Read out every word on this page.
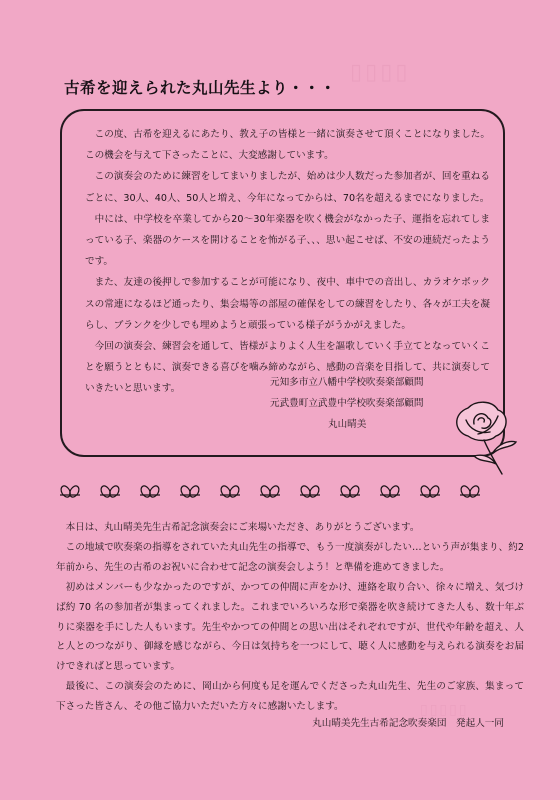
▯▯▯▯
▯▯▯▯▯
古希を迎えられた丸山先生より・・・

この度、古希を迎えるにあたり、教え子の皆様と一緒に演奏させて頂くことになりました。この機会を与えて下さったことに、大変感謝しています。

この演奏会のために練習をしてまいりましたが、始めは少人数だった参加者が、回を重ねるごとに、30人、40人、50人と増え、今年になってからは、70名を超えるまでになりました。

中には、中学校を卒業してから20～30年楽器を吹く機会がなかった子、運指を忘れてしまっている子、楽器のケースを開けることを怖がる子、、、思い起こせば、不安の連続だったようです。

また、友達の後押しで参加することが可能になり、夜中、車中での音出し、カラオケボックスの常連になるほど通ったり、集会場等の部屋の確保をしての練習をしたり、各々が工夫を凝らし、ブランクを少しでも埋めようと頑張っている様子がうかがえました。

今回の演奏会、練習会を通して、皆様がよりよく人生を謳歌していく手立てとなっていくことを願うとともに、演奏できる喜びを噛み締めながら、感動の音楽を目指して、共に演奏していきたいと思います。

元知多市立八幡中学校吹奏楽部顧問
元武豊町立武豊中学校吹奏楽部顧問
丸山晴美

本日は、丸山晴美先生古希記念演奏会にご来場いただき、ありがとうございます。

この地域で吹奏楽の指導をされていた丸山先生の指導で、もう一度演奏がしたい…という声が集まり、約2年前から、先生の古希のお祝いに合わせて記念の演奏会しよう！と準備を進めてきました。

初めはメンバーも少なかったのですが、かつての仲間に声をかけ、連絡を取り合い、徐々に増え、気づけば約 70 名の参加者が集まってくれました。これまでいろいろな形で楽器を吹き続けてきた人も、数十年ぶりに楽器を手にした人もいます。先生やかつての仲間との思い出はそれぞれですが、世代や年齢を超え、人と人とのつながり、御縁を感じながら、今日は気持ちを一つにして、聴く人に感動を与えられる演奏をお届けできればと思っています。

最後に、この演奏会のために、岡山から何度も足を運んでくださった丸山先生、先生のご家族、集まって下さった皆さん、その他ご協力いただいた方々に感謝いたします。

丸山晴美先生古希記念吹奏楽団　発起人一同
